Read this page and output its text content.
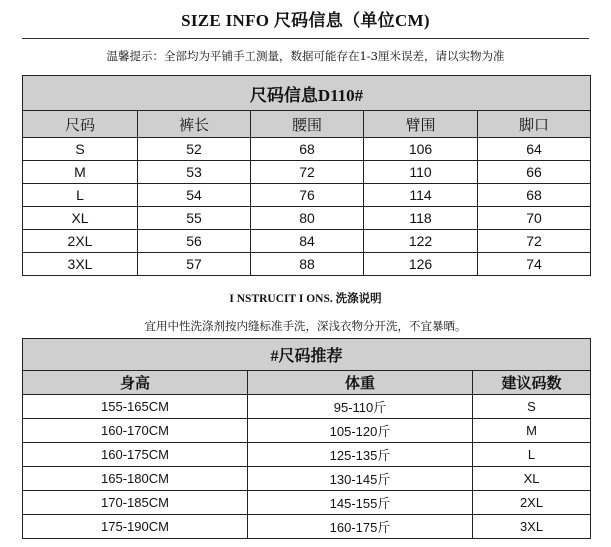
SIZE INFO 尺码信息（单位CM)
温馨提示：全部均为平铺手工测量，数据可能存在1-3厘米误差，请以实物为准
尺码信息D110#				
尺码	裤长	腰围	臂围	脚口
S	52	68	106	64
M	53	72	110	66
L	54	76	114	68
XL	55	80	118	70
2XL	56	84	122	72
3XL	57	88	126	74
I NSTRUCIT I ONS. 洗涤说明
宜用中性洗涤剂按内缝标准手洗，深浅衣物分开洗，不宜暴晒。
#尺码推荐		
身高	体重	建议码数
155-165CM	95-110斤	S
160-170CM	105-120斤	M
160-175CM	125-135斤	L
165-180CM	130-145斤	XL
170-185CM	145-155斤	2XL
175-190CM	160-175斤	3XL
